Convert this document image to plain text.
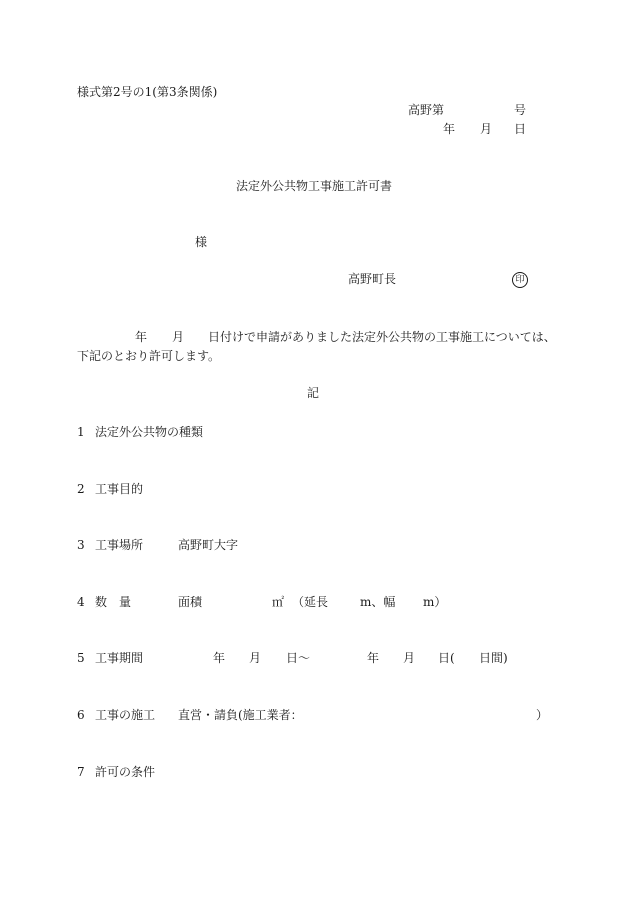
様式第2号の1(第3条関係)
高野第	号
年 月 日
法定外公共物工事施工許可書
様
高野町長	印
年 月 日付けで申請がありました法定外公共物の工事施工については、
下記のとおり許可します。
記
1 法定外公共物の種類
2 工事目的
3 工事場所	高野町大字
4 数　量	面積	㎡ （延長	m、幅 m）
5 工事期間	年 月 日～	年 月 日( 日間)
6 工事の施工 直営・請負(施工業者：	）
7 許可の条件
